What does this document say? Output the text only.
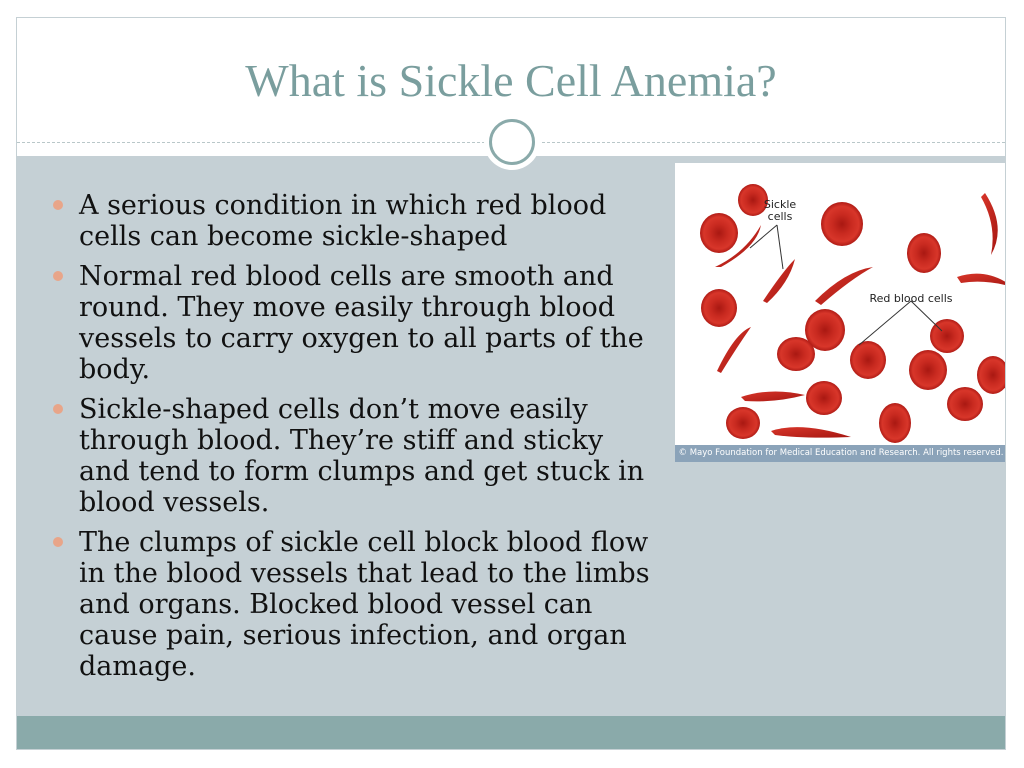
What is Sickle Cell Anemia?
A serious condition in which red blood cells can become sickle-shaped
Normal red blood cells are smooth and round. They move easily through blood vessels to carry oxygen to all parts of the body.
Sickle-shaped cells don’t move easily through blood. They’re stiff and sticky and tend to form clumps and get stuck in blood vessels.
The clumps of sickle cell block blood flow in the blood vessels that lead to the limbs and organs. Blocked blood vessel can cause pain, serious infection, and organ damage.
Sickle
cells
Red blood cells
© Mayo Foundation for Medical Education and Research. All rights reserved.
